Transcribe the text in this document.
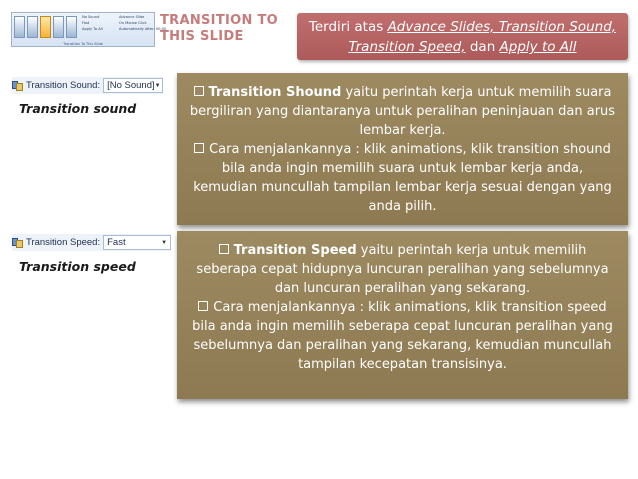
No Sound
Fast
Apply To All
Advance Slide
On Mouse Click
Automatically After: 00:00
Transition To This Slide
TRANSITION TO
THIS SLIDE
Terdiri atas Advance Slides, Transition Sound, Transition Speed, dan Apply to All
Transition Sound: [No Sound] ▼
Transition sound
Transition Speed: Fast	▼
Transition speed

Transition Shound yaitu perintah kerja untuk memilih suara bergiliran yang diantaranya untuk peralihan peninjauan dan arus lembar kerja.

Cara menjalankannya : klik animations, klik transition shound bila anda ingin memilih suara untuk lembar kerja anda, kemudian muncullah tampilan lembar kerja sesuai dengan yang anda pilih.

Transition Speed yaitu perintah kerja untuk memilih seberapa cepat hidupnya luncuran peralihan yang sebelumnya dan luncuran peralihan yang sekarang.

Cara menjalankannya : klik animations, klik transition speed bila anda ingin memilih seberapa cepat luncuran peralihan yang sebelumnya dan peralihan yang sekarang, kemudian muncullah tampilan kecepatan transisinya.
